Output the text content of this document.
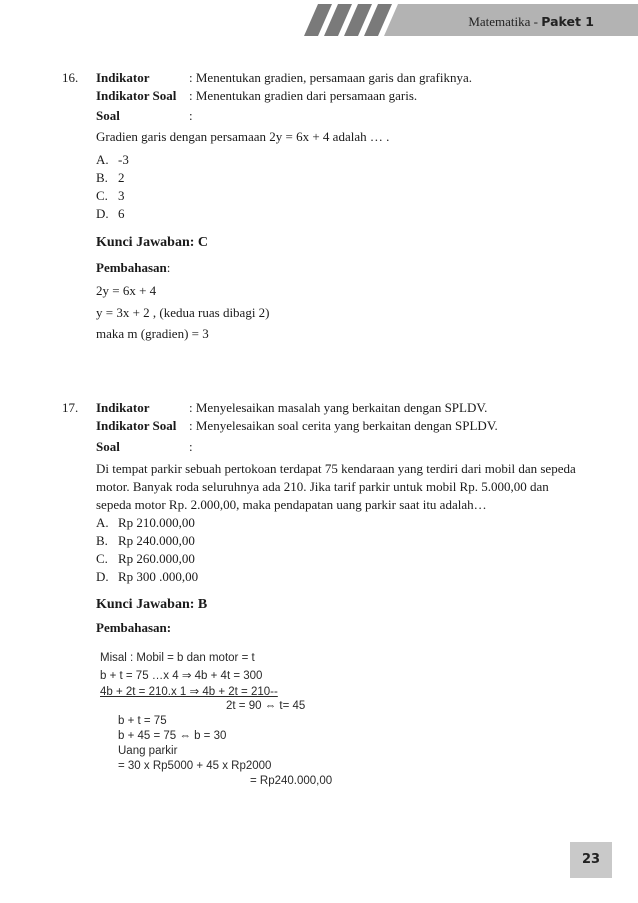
Matematika - Paket 1
16. Indikator	: Menentukan gradien, persamaan garis dan grafiknya.
Indikator Soal : Menentukan gradien dari persamaan garis.
Soal	:
Gradien garis dengan persamaan 2y = 6x + 4 adalah … .
A. -3
B. 2
C. 3
D. 6
Kunci Jawaban: C
Pembahasan:
2y = 6x + 4
y = 3x + 2 , (kedua ruas dibagi 2)
maka m (gradien) = 3
17. Indikator	: Menyelesaikan masalah yang berkaitan dengan SPLDV.
Indikator Soal : Menyelesaikan soal cerita yang berkaitan dengan SPLDV.
Soal	:
Di tempat parkir sebuah pertokoan terdapat 75 kendaraan yang terdiri dari mobil dan sepeda motor. Banyak roda seluruhnya ada 210. Jika tarif parkir untuk mobil Rp. 5.000,00 dan sepeda motor Rp. 2.000,00, maka pendapatan uang parkir saat itu adalah…
A. Rp 210.000,00
B. Rp 240.000,00
C. Rp 260.000,00
D. Rp 300 .000,00
Kunci Jawaban: B
Pembahasan:
Misal : Mobil = b dan motor = t
b + t = 75 …x 4 ⇒ 4b + 4t = 300
4b + 2t = 210.x 1 ⇒ 4b + 2t = 210--
2t = 90 ⇔ t= 45
b + t = 75
b + 45 = 75 ⇔ b = 30
Uang parkir
= 30 x Rp5000 + 45 x Rp2000
= Rp240.000,00
23
